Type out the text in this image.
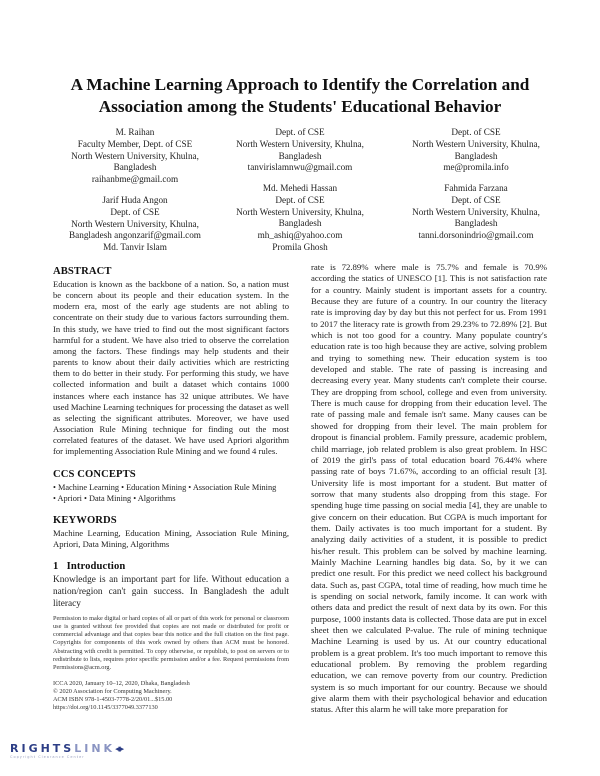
A Machine Learning Approach to Identify the Correlation and
Association among the Students' Educational Behavior
M. Raihan
Faculty Member, Dept. of CSE
North Western University, Khulna,
Bangladesh
raihanbme@gmail.com
Dept. of CSE
North Western University, Khulna,
Bangladesh
tanvirislamnwu@gmail.com
Dept. of CSE
North Western University, Khulna,
Bangladesh
me@promila.info
Jarif Huda Angon
Dept. of CSE
North Western University, Khulna,
Bangladesh angonzarif@gmail.com
Md. Tanvir Islam
Md. Mehedi Hassan
Dept. of CSE
North Western University, Khulna,
Bangladesh
mh_ashiq@yahoo.com
Promila Ghosh
Fahmida Farzana
Dept. of CSE
North Western University, Khulna,
Bangladesh
tanni.dorsonindrio@gmail.com
ABSTRACT

Education is known as the backbone of a nation. So, a nation must be concern about its people and their education system. In the modern era, most of the early age students are not abling to concentrate on their study due to various factors surrounding them. In this study, we have tried to find out the most significant factors harmful for a student. We have also tried to observe the correlation among the factors. These findings may help students and their parents to know about their daily activities which are restricting them to do better in their study. For performing this study, we have collected information and built a dataset which contains 1000 instances where each instance has 32 unique attributes. We have used Machine Learning techniques for processing the dataset as well as selecting the significant attributes. Moreover, we have used Association Rule Mining technique for finding out the most correlated features of the dataset. We have used Apriori algorithm for implementing Association Rule Mining and we found 4 rules.

CCS CONCEPTS
• Machine Learning • Education Mining • Association Rule Mining
• Apriori • Data Mining • Algorithms
KEYWORDS

Machine Learning, Education Mining, Association Rule Mining, Apriori, Data Mining, Algorithms

1 Introduction

Knowledge is an important part for life. Without education a nation/region can't gain success. In Bangladesh the adult literacy

Permission to make digital or hard copies of all or part of this work for personal or classroom use is granted without fee provided that copies are not made or distributed for profit or commercial advantage and that copies bear this notice and the full citation on the first page. Copyrights for components of this work owned by others than ACM must be honored. Abstracting with credit is permitted. To copy otherwise, or republish, to post on servers or to redistribute to lists, requires prior specific permission and/or a fee. Request permissions from Permissions@acm.org.

ICCA 2020, January 10–12, 2020, Dhaka, Bangladesh
© 2020 Association for Computing Machinery.
ACM ISBN 978-1-4503-7778-2/20/01...$15.00
https://doi.org/10.1145/3377049.3377130

rate is 72.89% where male is 75.7% and female is 70.9% according the statics of UNESCO [1]. This is not satisfaction rate for a country. Mainly student is important assets for a country. Because they are future of a country. In our country the literacy rate is improving day by day but this not perfect for us. From 1991 to 2017 the literacy rate is growth from 29.23% to 72.89% [2]. But which is not too good for a country. Many populate country's education rate is too high because they are active, solving problem and trying to something new. Their education system is too developed and stable. The rate of passing is increasing and decreasing every year. Many students can't complete their course. They are dropping from school, college and even from university. There is much cause for dropping from their education level. The rate of passing male and female isn't same. Many causes can be showed for dropping from their level. The main problem for dropout is financial problem. Family pressure, academic problem, child marriage, job related problem is also great problem. In HSC of 2019 the girl's pass of total education board 76.44% where passing rate of boys 71.67%, according to an official result [3]. University life is most important for a student. But matter of sorrow that many students also dropping from this stage. For spending huge time passing on social media [4], they are unable to give concern on their education. But CGPA is much important for them. Daily activates is too much important for a student. By analyzing daily activities of a student, it is possible to predict his/her result. This problem can be solved by machine learning. Mainly Machine Learning handles big data. So, by it we can predict one result. For this predict we need collect his background data. Such as, past CGPA, total time of reading, how much time he is spending on social network, family income. It can work with others data and predict the result of next data by its own. For this purpose, 1000 instants data is collected. Those data are put in excel sheet then we calculated P-value. The rule of mining technique Machine Learning is used by us. At our country educational problem is a great problem. It's too much important to remove this educational problem. By removing the problem regarding education, we can remove poverty from our country. Prediction system is so much important for our country. Because we should give alarm them with their psychological behavior and education status. After this alarm he will take more preparation for

RIGHTSLINK◂▸
Copyright Clearance Center
